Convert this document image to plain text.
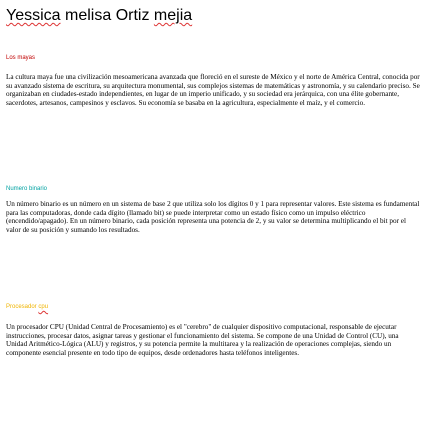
Yessica melisa Ortiz mejia
Los mayas
La cultura maya fue una civilización mesoamericana avanzada que floreció en el sureste de México y el norte de América Central, conocida por su avanzado sistema de escritura, su arquitectura monumental, sus complejos sistemas de matemáticas y astronomía, y su calendario preciso. Se organizaban en ciudades-estado independientes, en lugar de un imperio unificado, y su sociedad era jerárquica, con una élite gobernante, sacerdotes, artesanos, campesinos y esclavos. Su economía se basaba en la agricultura, especialmente el maíz, y el comercio.
Numero binario
Un número binario es un número en un sistema de base 2 que utiliza solo los dígitos 0 y 1 para representar valores. Este sistema es fundamental para las computadoras, donde cada dígito (llamado bit) se puede interpretar como un estado físico como un impulso eléctrico (encendido/apagado). En un número binario, cada posición representa una potencia de 2, y su valor se determina multiplicando el bit por el valor de su posición y sumando los resultados.
Procesador cpu
Un procesador CPU (Unidad Central de Procesamiento) es el "cerebro" de cualquier dispositivo computacional, responsable de ejecutar instrucciones, procesar datos, asignar tareas y gestionar el funcionamiento del sistema. Se compone de una Unidad de Control (CU), una Unidad Aritmético-Lógica (ALU) y registros, y su potencia permite la multitarea y la realización de operaciones complejas, siendo un componente esencial presente en todo tipo de equipos, desde ordenadores hasta teléfonos inteligentes.
